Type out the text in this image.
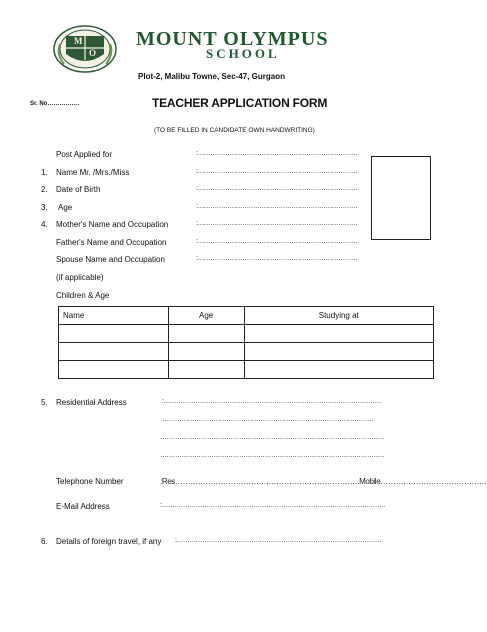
M
O
MOUNT OLYMPUS
SCHOOL
Plot-2, Malibu Towne, Sec-47, Gurgaon
Sr. No…………….	TEACHER APPLICATION FORM
(TO BE FILLED IN CANDIDATE OWN HANDWRITING)
Post Applied for	:…………………………………………………………………
1. Name Mr. /Mrs./Miss	:…………………………………………………………………
2. Date of Birth	:…………………………………………………………………
3. Age	:…………………………………………………………………
4. Mother's Name and Occupation	:…………………………………………………………………
Father's Name and Occupation	:…………………………………………………………………
Spouse Name and Occupation	:…………………………………………………………………
(if applicable)
Children & Age
Name	Age	Studying at

5. Residential Address	:…………………………………………………………………………………………
………………………………………………………………………………………
……………………………………………………………………………………………
……………………………………………………………………………………………
Telephone Number	:Res……………………………………………………………….Mobile……………………………………
E-Mail Address	:……………………………………………………………………………………………
6. Details of foreign travel, if any :……………………………………………………………………………………
